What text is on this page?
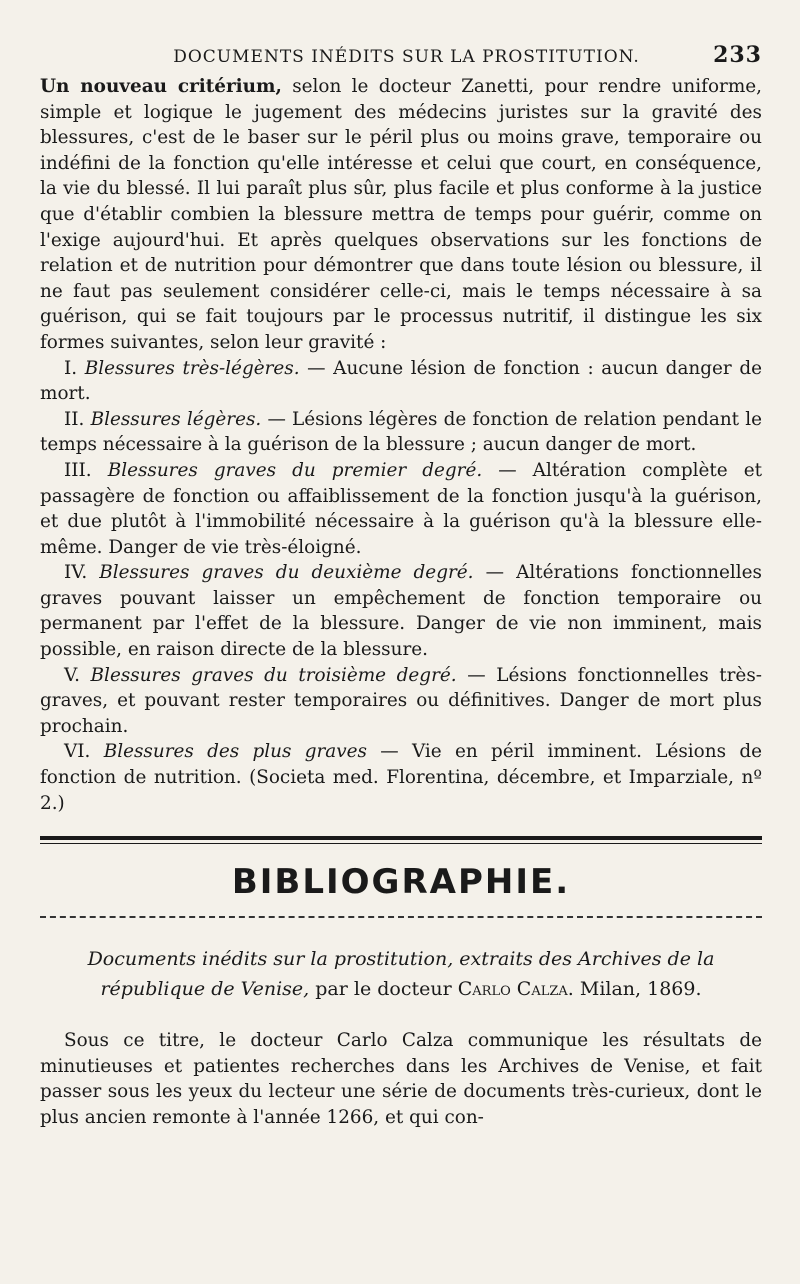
DOCUMENTS INÉDITS SUR LA PROSTITUTION.	233

Un nouveau critérium, selon le docteur Zanetti, pour rendre uniforme, simple et logique le jugement des médecins juristes sur la gravité des blessures, c'est de le baser sur le péril plus ou moins grave, temporaire ou indéfini de la fonction qu'elle intéresse et celui que court, en conséquence, la vie du blessé. Il lui paraît plus sûr, plus facile et plus conforme à la justice que d'établir combien la blessure mettra de temps pour guérir, comme on l'exige aujourd'hui. Et après quelques observations sur les fonctions de relation et de nutrition pour démontrer que dans toute lésion ou blessure, il ne faut pas seulement considérer celle-ci, mais le temps nécessaire à sa guérison, qui se fait toujours par le processus nutritif, il distingue les six formes suivantes, selon leur gravité :

I. Blessures très-légères. — Aucune lésion de fonction : aucun danger de mort.

II. Blessures légères. — Lésions légères de fonction de relation pendant le temps nécessaire à la guérison de la blessure ; aucun danger de mort.

III. Blessures graves du premier degré. — Altération complète et passagère de fonction ou affaiblissement de la fonction jusqu'à la guérison, et due plutôt à l'immobilité nécessaire à la guérison qu'à la blessure elle-même. Danger de vie très-éloigné.

IV. Blessures graves du deuxième degré. — Altérations fonctionnelles graves pouvant laisser un empêchement de fonction temporaire ou permanent par l'effet de la blessure. Danger de vie non imminent, mais possible, en raison directe de la blessure.

V. Blessures graves du troisième degré. — Lésions fonctionnelles très-graves, et pouvant rester temporaires ou définitives. Danger de mort plus prochain.

VI. Blessures des plus graves — Vie en péril imminent. Lésions de fonction de nutrition. (Societa med. Florentina, décembre, et Imparziale, nº 2.)

BIBLIOGRAPHIE.
Documents inédits sur la prostitution, extraits des Archives de la république de Venise, par le docteur Carlo Calza. Milan, 1869.

Sous ce titre, le docteur Carlo Calza communique les résultats de minutieuses et patientes recherches dans les Archives de Venise, et fait passer sous les yeux du lecteur une série de documents très-curieux, dont le plus ancien remonte à l'année 1266, et qui con-
